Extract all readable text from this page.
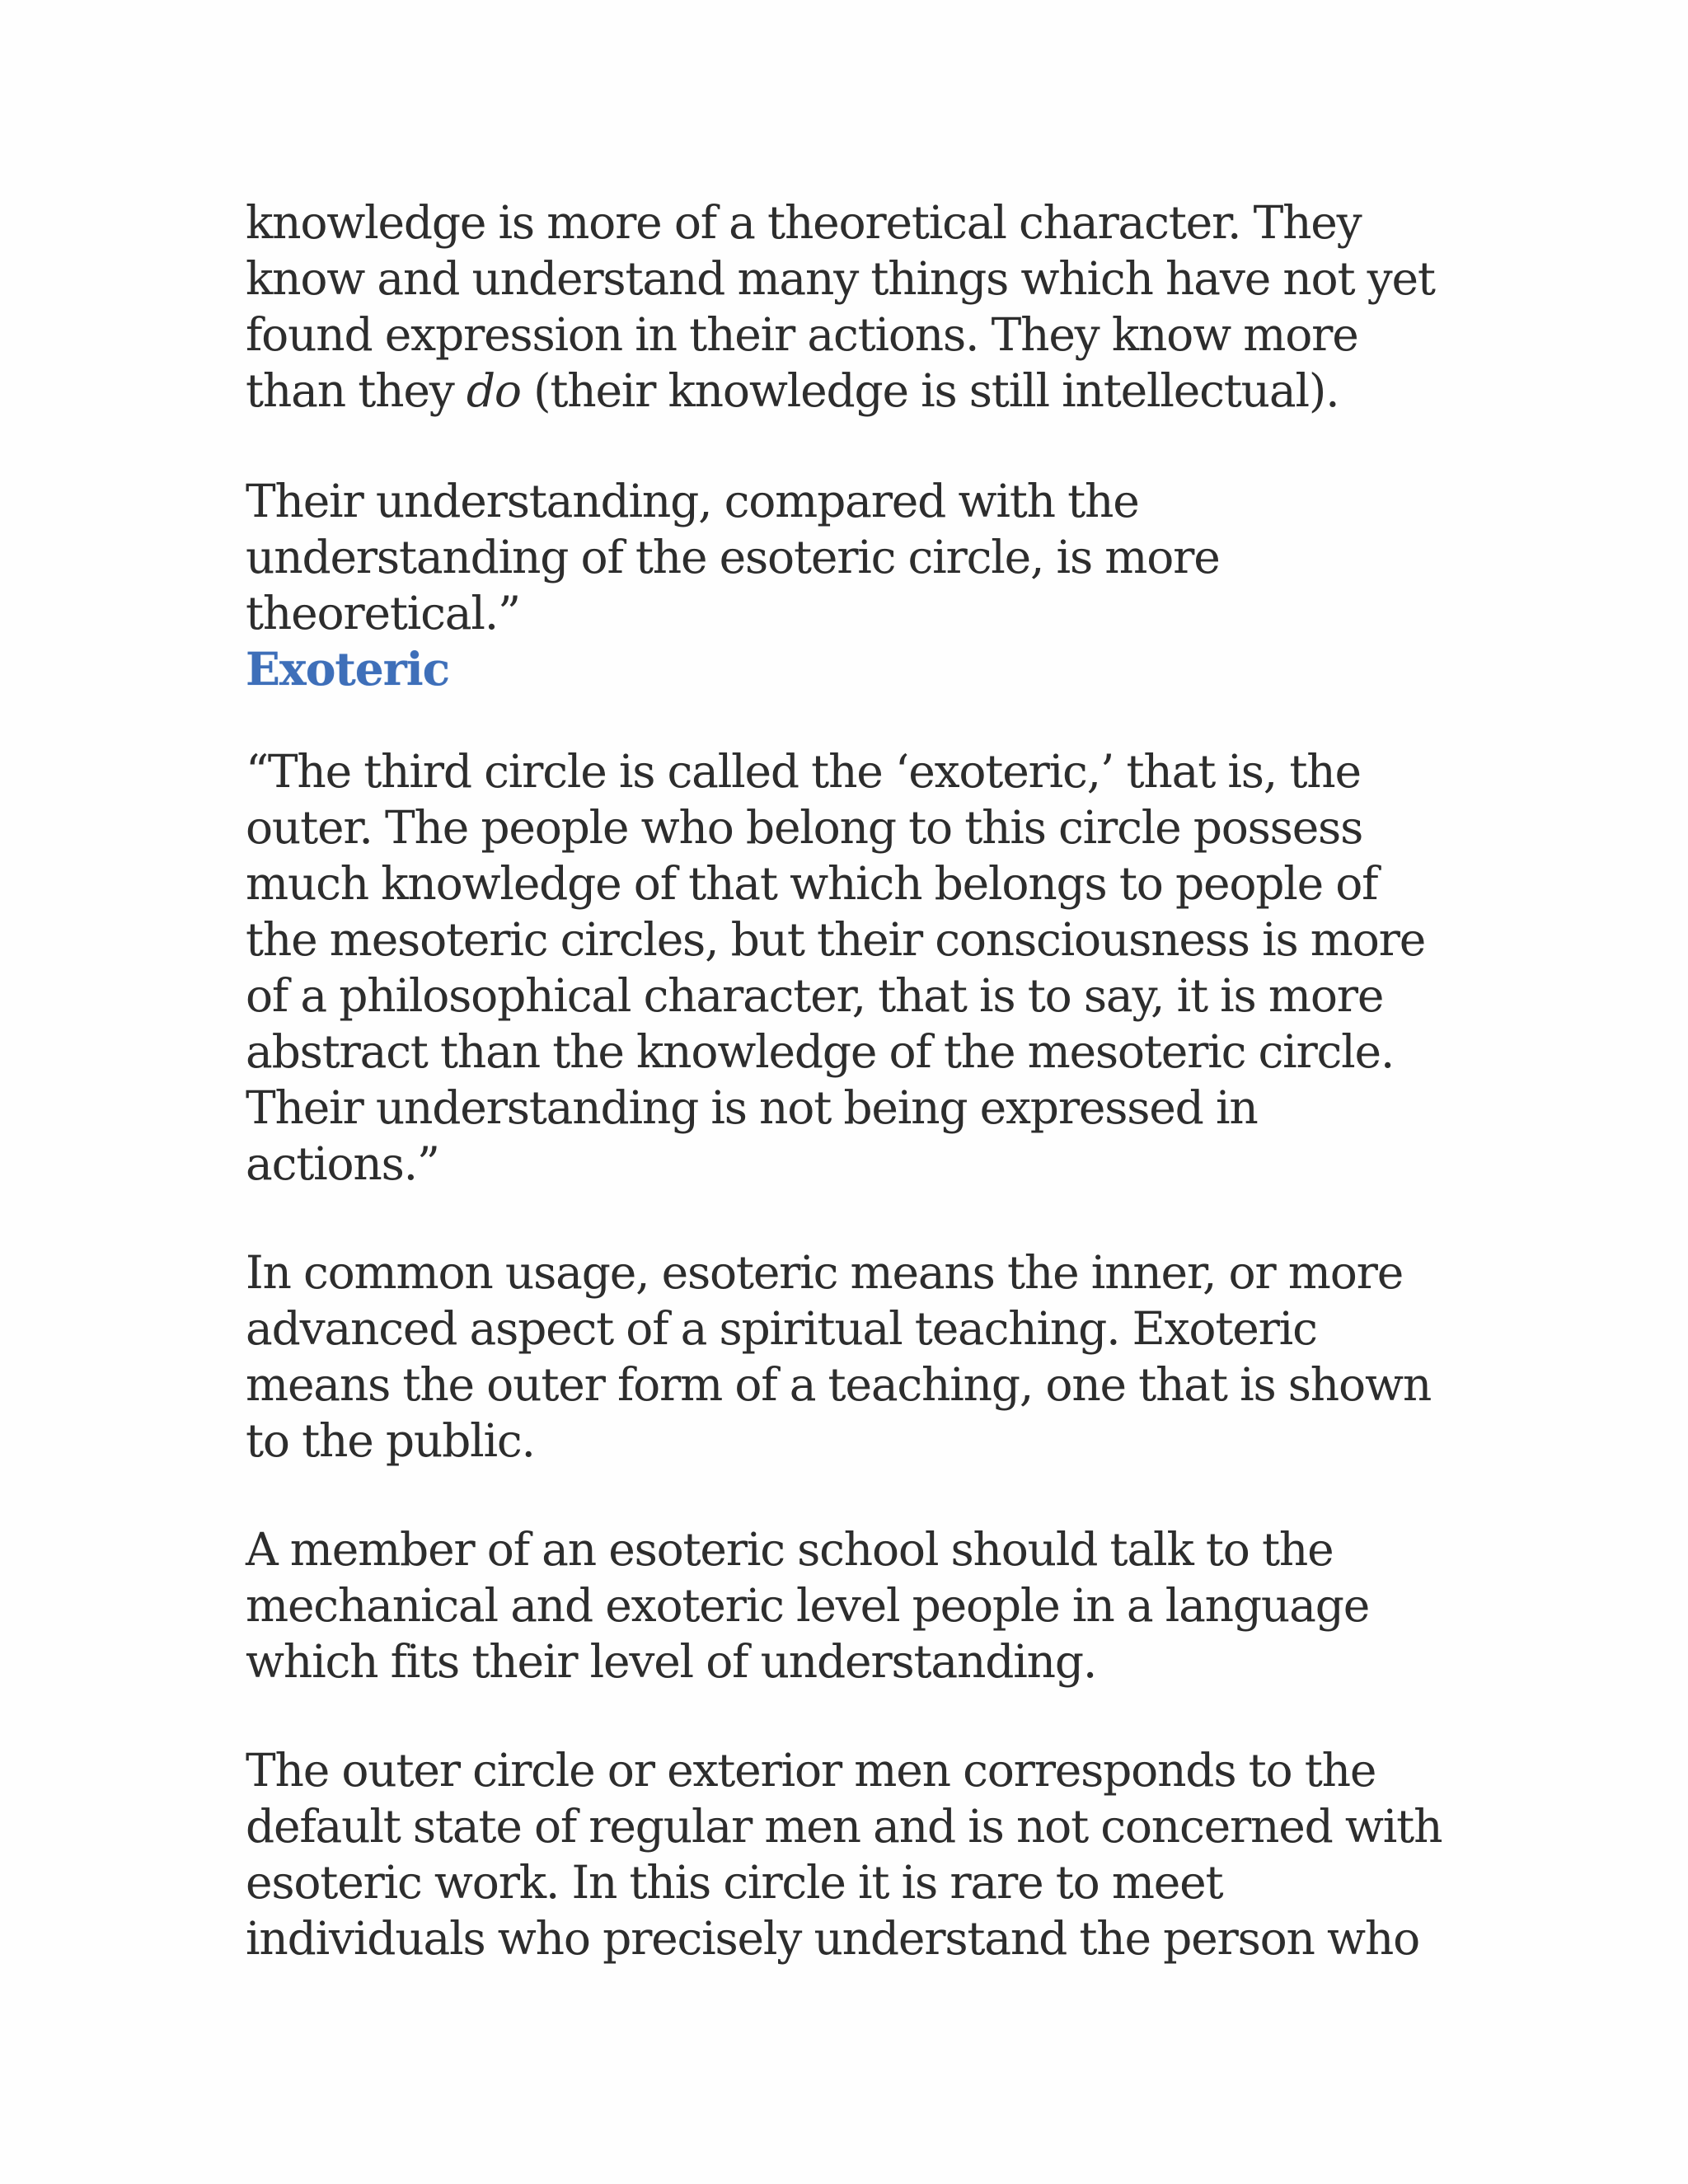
knowledge is more of a theoretical character. They
know and understand many things which have not yet
found expression in their actions. They know more
than they do (their knowledge is still intellectual).

Their understanding, compared with the
understanding of the esoteric circle, is more
theoretical.”

Exoteric

“The third circle is called the ‘exoteric,’ that is, the
outer. The people who belong to this circle possess
much knowledge of that which belongs to people of
the mesoteric circles, but their consciousness is more
of a philosophical character, that is to say, it is more
abstract than the knowledge of the mesoteric circle.
Their understanding is not being expressed in
actions.”

In common usage, esoteric means the inner, or more
advanced aspect of a spiritual teaching. Exoteric
means the outer form of a teaching, one that is shown
to the public.

A member of an esoteric school should talk to the
mechanical and exoteric level people in a language
which fits their level of understanding.

The outer circle or exterior men corresponds to the
default state of regular men and is not concerned with
esoteric work. In this circle it is rare to meet
individuals who precisely understand the person who
